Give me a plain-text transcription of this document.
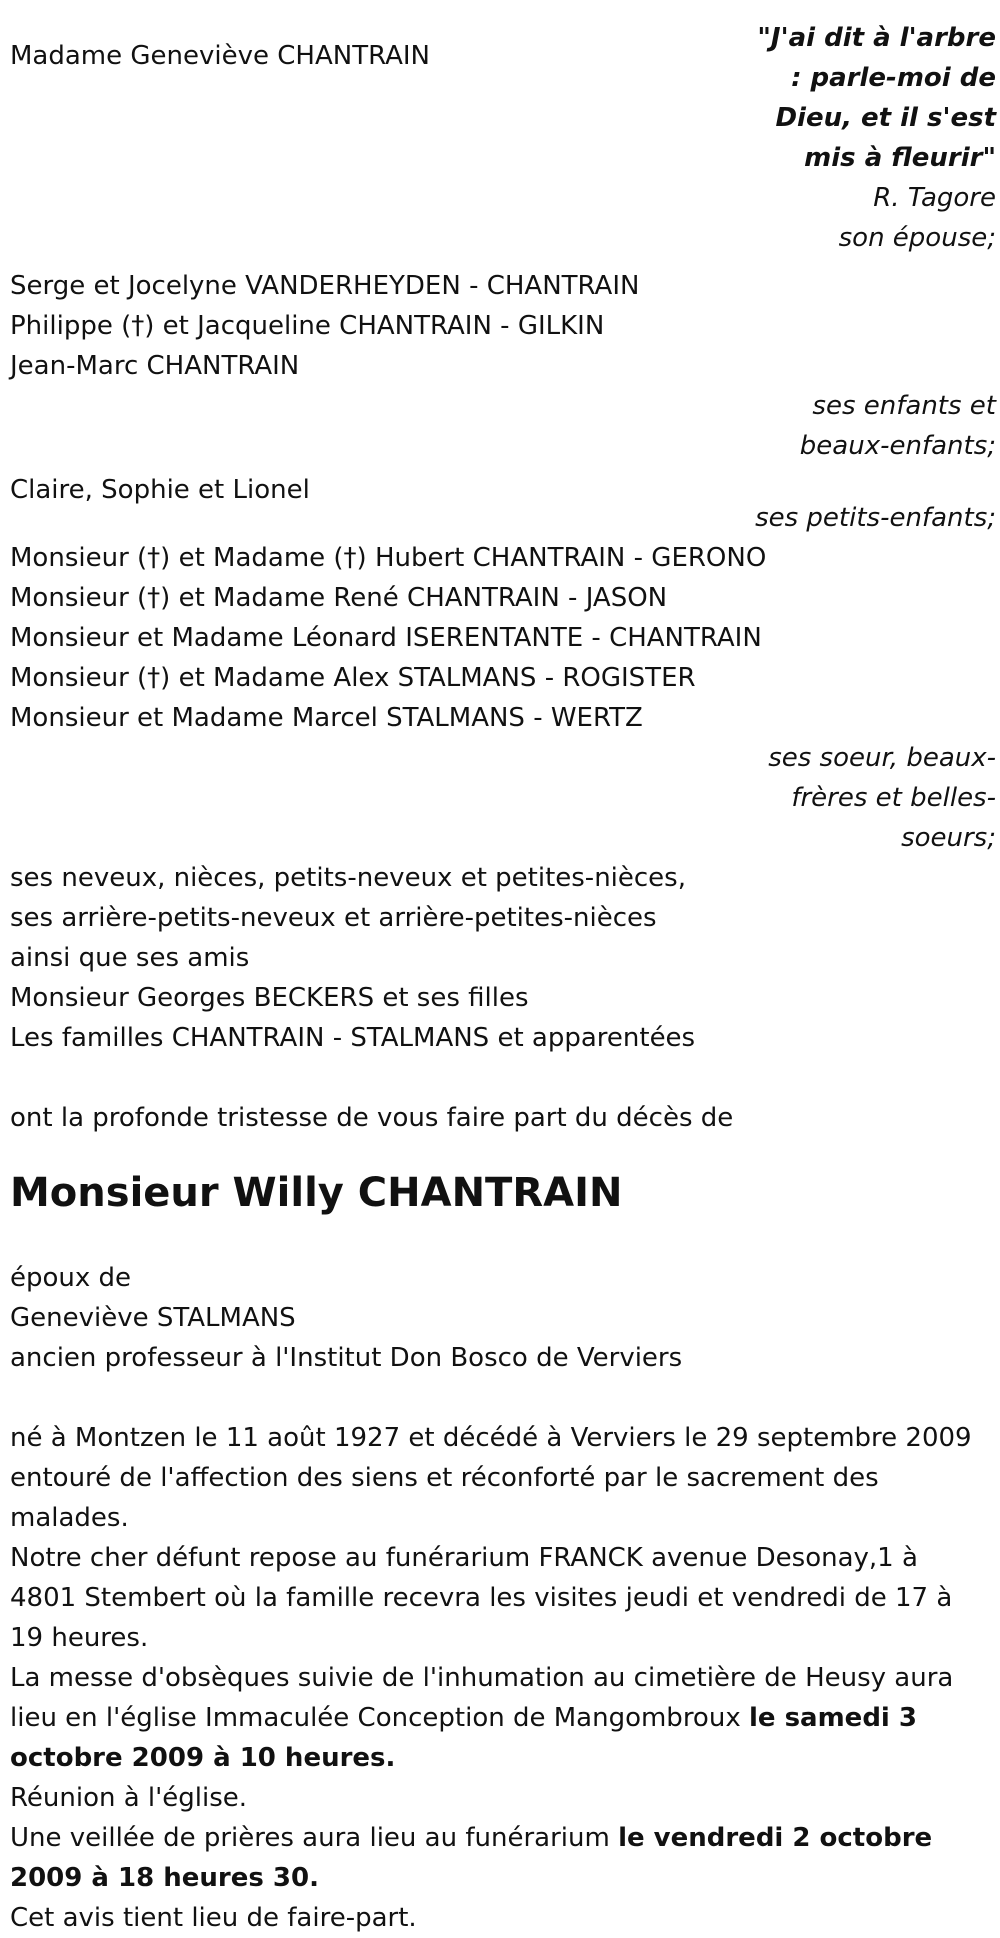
Madame Geneviève CHANTRAIN
"J'ai dit à l'arbre : parle-moi de Dieu, et il s'est mis à fleurir"
R. Tagore
son épouse;
Serge et Jocelyne VANDERHEYDEN - CHANTRAIN
Philippe (†) et Jacqueline CHANTRAIN - GILKIN
Jean-Marc CHANTRAIN
ses enfants et beaux-enfants;
Claire, Sophie et Lionel
ses petits-enfants;
Monsieur (†) et Madame (†) Hubert CHANTRAIN - GERONO
Monsieur (†) et Madame René CHANTRAIN - JASON
Monsieur et Madame Léonard ISERENTANTE - CHANTRAIN
Monsieur (†) et Madame Alex STALMANS - ROGISTER
Monsieur et Madame Marcel STALMANS - WERTZ
ses soeur, beaux-frères et belles-soeurs;
ses neveux, nièces, petits-neveux et petites-nièces,
ses arrière-petits-neveux et arrière-petites-nièces
ainsi que ses amis
Monsieur Georges BECKERS et ses filles
Les familles CHANTRAIN - STALMANS et apparentées
ont la profonde tristesse de vous faire part du décès de
Monsieur Willy CHANTRAIN
époux de
Geneviève STALMANS
ancien professeur à l'Institut Don Bosco de Verviers
né à Montzen le 11 août 1927 et décédé à Verviers le 29 septembre 2009 entouré de l'affection des siens et réconforté par le sacrement des malades.
Notre cher défunt repose au funérarium FRANCK avenue Desonay,1 à 4801 Stembert où la famille recevra les visites jeudi et vendredi de 17 à 19 heures.
La messe d'obsèques suivie de l'inhumation au cimetière de Heusy aura lieu en l'église Immaculée Conception de Mangombroux le samedi 3 octobre 2009 à 10 heures.
Réunion à l'église.
Une veillée de prières aura lieu au funérarium le vendredi 2 octobre 2009 à 18 heures 30.
Cet avis tient lieu de faire-part.
